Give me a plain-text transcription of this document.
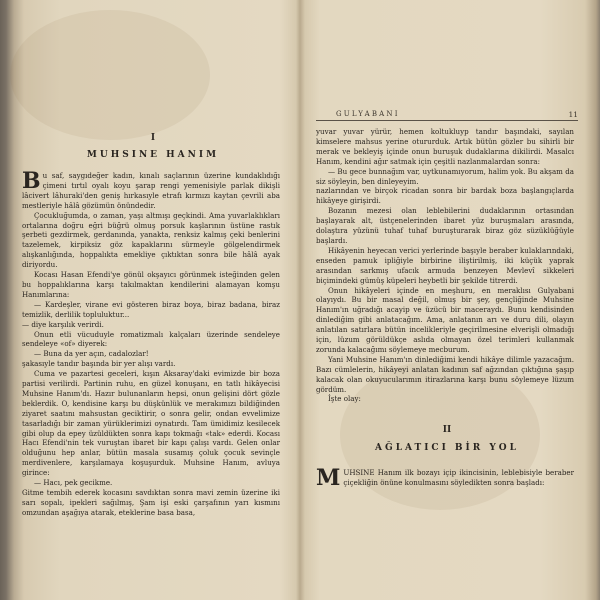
I
MUHSINE HANIM

Bu saf, saygıdeğer kadın, kınalı saçlarının üzerine kundaklıdığı çimeni tırtıl oyalı koyu şarap rengi yemenisiyle parlak dikişli lâcivert lâhuraki'den geniş hırkasıyle etrafı kırmızı kaytan çevrili aba mestleriyle hâlâ gözümün önündedir.

Çocukluğumda, o zaman, yaşı altmışı geçkindi. Ama yuvarlaklıkları ortalarına doğru eğri büğrü olmuş porsuk kaşlarının üstüne rastık şerbeti gezdirmek, gerdanında, yanakta, renksiz kalmış çeki benlerini tazelemek, kirpiksiz göz kapaklarını sürmeyle gölgelendirmek alışkanlığında, hoppalıkta emekliye çıktıktan sonra bile hâlâ ayak diriyordu.

Kocası Hasan Efendi'ye gönül okşayıcı görünmek isteğinden gelen bu hoppalıklarına karşı takılmaktan kendilerini alamayan komşu Hanımlarına:

— Kardeşler, virane evi gösteren biraz boya, biraz badana, biraz temizlik, derlilik topluluktur...

— diye karşılık verirdi.

Onun etli vücuduyle romatizmalı kalçaları üzerinde sendeleye sendeleye «of» diyerek:

— Buna da yer açın, cadalozlar!

şakasıyle tandır başında bir yer alışı vardı.

Cuma ve pazartesi geceleri, kışın Aksaray'daki evimizde bir boza partisi verilirdi. Partinin ruhu, en güzel konuşanı, en tatlı hikâyecisi Muhsine Hanım'dı. Hazır bulunanların hepsi, onun gelişini dört gözle beklerdik. O, kendisine karşı bu düşkünlük ve merakımızı bildiğinden ziyaret saatını mahsustan geciktirir, o sonra gelir, ondan evvelimize tasarladığı bir zaman yürüklerimizi oynatırdı. Tam ümidimiz kesilecek gibi olup da epey üzüldükten sonra kapı tokmağı «tak» ederdi. Kocası Hacı Efendi'nin tek vuruştan ibaret bir kapı çalışı vardı. Gelen onlar olduğunu hep anlar, bütün masala susamış çoluk çocuk sevinçle merdivenlere, karşılamaya koşuşurduk. Muhsine Hanım, avluya girince:

— Hacı, pek gecikme.

Gitme tembih ederek kocasını savdıktan sonra mavi zemin üzerine iki sarı sopalı, ipekleri sağılmış, Şam işi eski çarşafının yarı kısmını omzundan aşağıya atarak, eteklerine basa basa,

GULYABANI	11

yuvar yuvar yürür, hemen koltukluyp tandır başındaki, sayılan kimselere mahsus yerine otururduk. Artık bütün gözler bu sihirli bir merak ve bekleyiş içinde onun buruşuk dudaklarına dikilirdi. Masalcı Hanım, kendini ağır satmak için çeşitli nazlanmalardan sonra:

— Bu gece bunnağım var, uytkunamıyorum, halim yok. Bu akşam da siz söyleyin, ben dinleyeyim.

nazlarından ve birçok ricadan sonra bir bardak boza başlangıçlarda hikâyeye girişirdi.

Bozanın mezesi olan leblebilerini dudaklarının ortasından başlayarak alt, üstçenelerinden ibaret yüz buruşmaları arasında, dolaştıra yüzünü tuhaf tuhaf buruşturarak biraz göz süzüklüğüyle başlardı.

Hikâyenin heyecan verici yerlerinde başıyle beraber kulaklarındaki, enseden pamuk ipliğiyle birbirine iliştirilmiş, iki küçük yaprak arasından sarkmış ufacık armuda benzeyen Mevlevî sikkeleri biçimindeki gümüş küpeleri heybetli bir şekilde titrerdi.

Onun hikâyeleri içinde en meşhuru, en meraklısı Gulyabani olayıydı. Bu bir masal değil, olmuş bir şey, gençliğinde Muhsine Hanım'ın uğradığı acayip ve üzücü bir maceraydı. Bunu kendisinden dinlediğim gibi anlatacağım. Ama, anlatanın arı ve duru dili, olayın anlatılan satırlara bütün incelikleriyle geçirilmesine elverişli olmadığı için, lüzum görüldükçe aslıda olmayan özel terimleri kullanmak zorunda kalacağımı söylemeye mecburum.

Yani Muhsine Hanım'ın dinlediğimi kendi hikâye dilimle yazacağım. Bazı cümlelerin, hikâyeyi anlatan kadının saf ağzından çıktığına şaşıp kalacak olan okuyucularımın itirazlarına karşı bunu söylemeye lüzum gördüm.

İşte olay:

II
AĞLATICI BİR YOL

MUHSINE Hanım ilk bozayı içip ikincisinin, leblebisiyle beraber çiçekliğin önüne konulmasını söyledikten sonra başladı:
